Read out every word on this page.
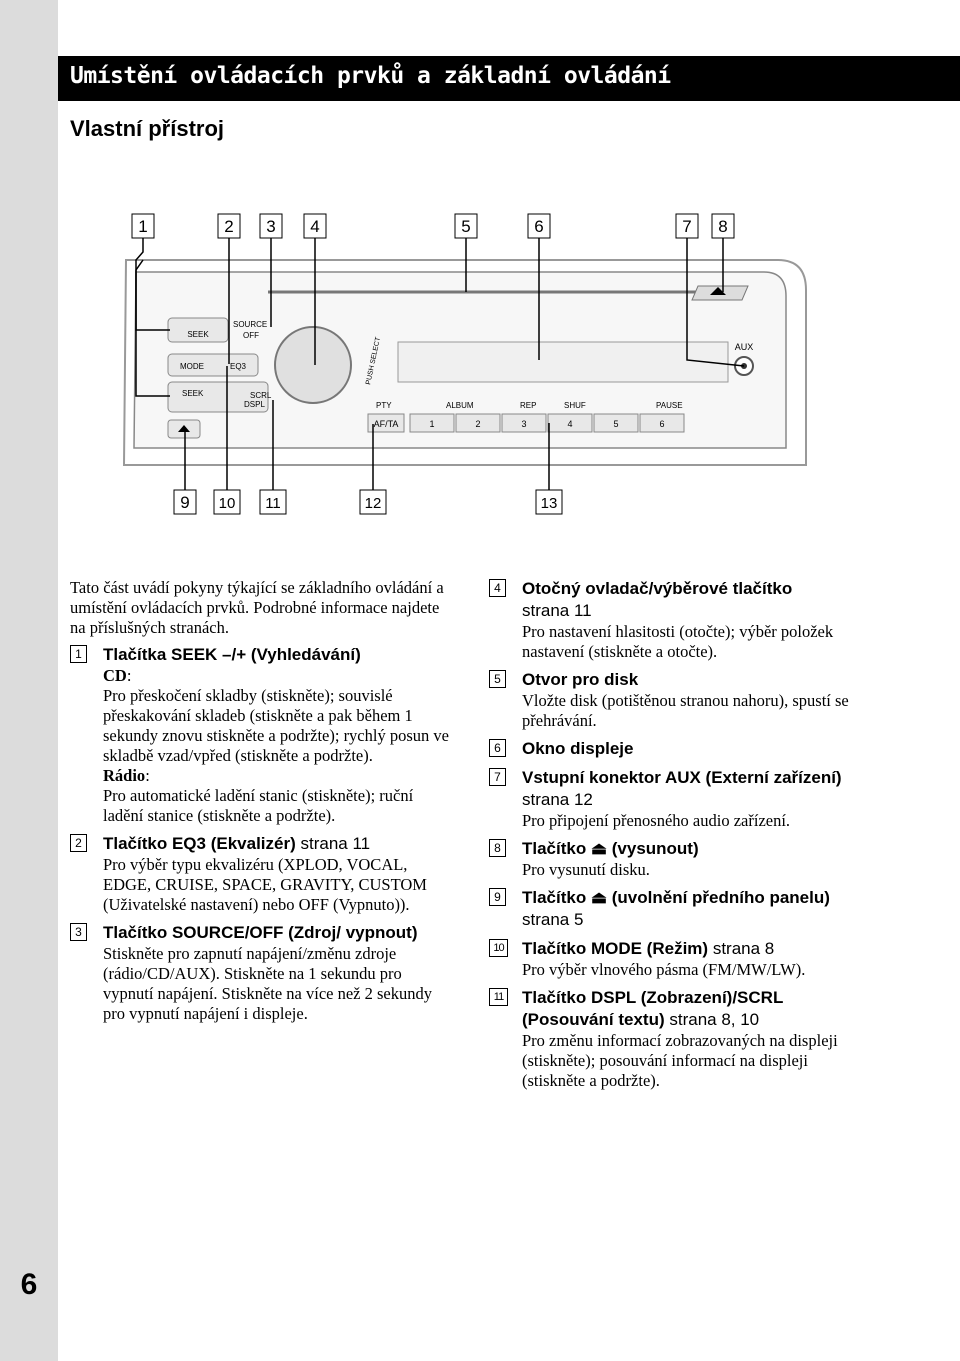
6
Umístění ovládacích prvků a základní ovládání
Vlastní přístroj
AUX
SEEK
SOURCE
OFF
MODE	EQ3
SEEK	SCRL
DSPL
PUSH SELECT
PTY	ALBUM	REP	SHUF	PAUSE
AF/TA	1	2	3	4	5	6
1	2 3 4	5	6	7 8
9 10 11	12	13

Tato část uvádí pokyny týkající se základního ovládání a umístění ovládacích prvků. Podrobné informace najdete na příslušných stranách.

1	Tlačítka SEEK –/+ (Vyhledávání)
CD:
Pro přeskočení skladby (stiskněte); souvislé přeskakování skladeb (stiskněte a pak během 1 sekundy znovu stiskněte a podržte); rychlý posun ve skladbě vzad/vpřed (stiskněte a podržte).
Rádio:
Pro automatické ladění stanic (stiskněte); ruční ladění stanice (stiskněte a podržte).
2	Tlačítko EQ3 (Ekvalizér) strana 11
Pro výběr typu ekvalizéru (XPLOD, VOCAL, EDGE, CRUISE, SPACE, GRAVITY, CUSTOM (Uživatelské nastavení) nebo OFF (Vypnuto)).
3	Tlačítko SOURCE/OFF (Zdroj/ vypnout)
Stiskněte pro zapnutí napájení/změnu zdroje (rádio/CD/AUX). Stiskněte na 1 sekundu pro vypnutí napájení. Stiskněte na více než 2 sekundy pro vypnutí napájení i displeje.
4	Otočný ovladač/výběrové tlačítko
strana 11
Pro nastavení hlasitosti (otočte); výběr položek nastavení (stiskněte a otočte).
5	Otvor pro disk
Vložte disk (potištěnou stranou nahoru), spustí se přehrávání.
6	Okno displeje
7	Vstupní konektor AUX (Externí zařízení) strana 12
Pro připojení přenosného audio zařízení.
8	Tlačítko ⏏ (vysunout)
Pro vysunutí disku.
9	Tlačítko ⏏ (uvolnění předního panelu) strana 5
10 Tlačítko MODE (Režim) strana 8
Pro výběr vlnového pásma (FM/MW/LW).
11 Tlačítko DSPL (Zobrazení)/SCRL (Posouvání textu) strana 8, 10
Pro změnu informací zobrazovaných na displeji (stiskněte); posouvání informací na displeji (stiskněte a podržte).
